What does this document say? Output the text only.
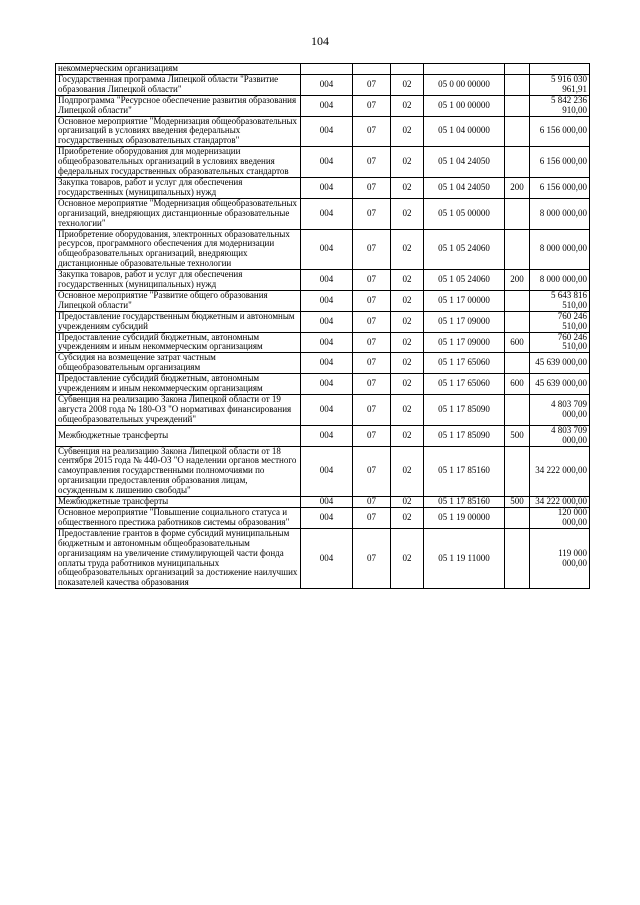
104
некоммерческим организациям						
Государственная программа Липецкой области "Развитие образования Липецкой области"	004	07	02	05 0 00 00000		5 916 030 961,91
Подпрограмма "Ресурсное обеспечение развития образования Липецкой области"	004	07	02	05 1 00 00000		5 842 236 910,00
Основное мероприятие "Модернизация общеобразовательных организаций в условиях введения федеральных государственных образовательных стандартов"	004	07	02	05 1 04 00000		6 156 000,00
Приобретение оборудования для модернизации общеобразовательных организаций в условиях введения федеральных государственных образовательных стандартов	004	07	02	05 1 04 24050		6 156 000,00
Закупка товаров, работ и услуг для обеспечения государственных (муниципальных) нужд	004	07	02	05 1 04 24050	200	6 156 000,00
Основное мероприятие "Модернизация общеобразовательных организаций, внедряющих дистанционные образовательные технологии"	004	07	02	05 1 05 00000		8 000 000,00
Приобретение оборудования, электронных образовательных ресурсов, программного обеспечения для модернизации общеобразовательных организаций, внедряющих дистанционные образовательные технологии	004	07	02	05 1 05 24060		8 000 000,00
Закупка товаров, работ и услуг для обеспечения государственных (муниципальных) нужд	004	07	02	05 1 05 24060	200	8 000 000,00
Основное мероприятие "Развитие общего образования Липецкой области"	004	07	02	05 1 17 00000		5 643 816 510,00
Предоставление государственным бюджетным и автономным учреждениям субсидий	004	07	02	05 1 17 09000		760 246 510,00
Предоставление субсидий бюджетным, автономным учреждениям и иным некоммерческим организациям	004	07	02	05 1 17 09000	600	760 246 510,00
Субсидия на возмещение затрат частным общеобразовательным организациям	004	07	02	05 1 17 65060		45 639 000,00
Предоставление субсидий бюджетным, автономным учреждениям и иным некоммерческим организациям	004	07	02	05 1 17 65060	600	45 639 000,00
Субвенция на реализацию Закона Липецкой области от 19 августа 2008 года № 180-ОЗ "О нормативах финансирования общеобразовательных учреждений"	004	07	02	05 1 17 85090		4 803 709 000,00
Межбюджетные трансферты	004	07	02	05 1 17 85090	500	4 803 709 000,00
Субвенция на реализацию Закона Липецкой области от 18 сентября 2015 года № 440-ОЗ "О наделении органов местного самоуправления государственными полномочиями по организации предоставления образования лицам, осужденным к лишению свободы"	004	07	02	05 1 17 85160		34 222 000,00
Межбюджетные трансферты	004	07	02	05 1 17 85160	500	34 222 000,00
Основное мероприятие "Повышение социального статуса и общественного престижа работников системы образования"	004	07	02	05 1 19 00000		120 000 000,00
Предоставление грантов в форме субсидий муниципальным бюджетным и автономным общеобразовательным организациям на увеличение стимулирующей части фонда оплаты труда работников муниципальных общеобразовательных организаций за достижение наилучших показателей качества образования	004	07	02	05 1 19 11000		119 000 000,00
